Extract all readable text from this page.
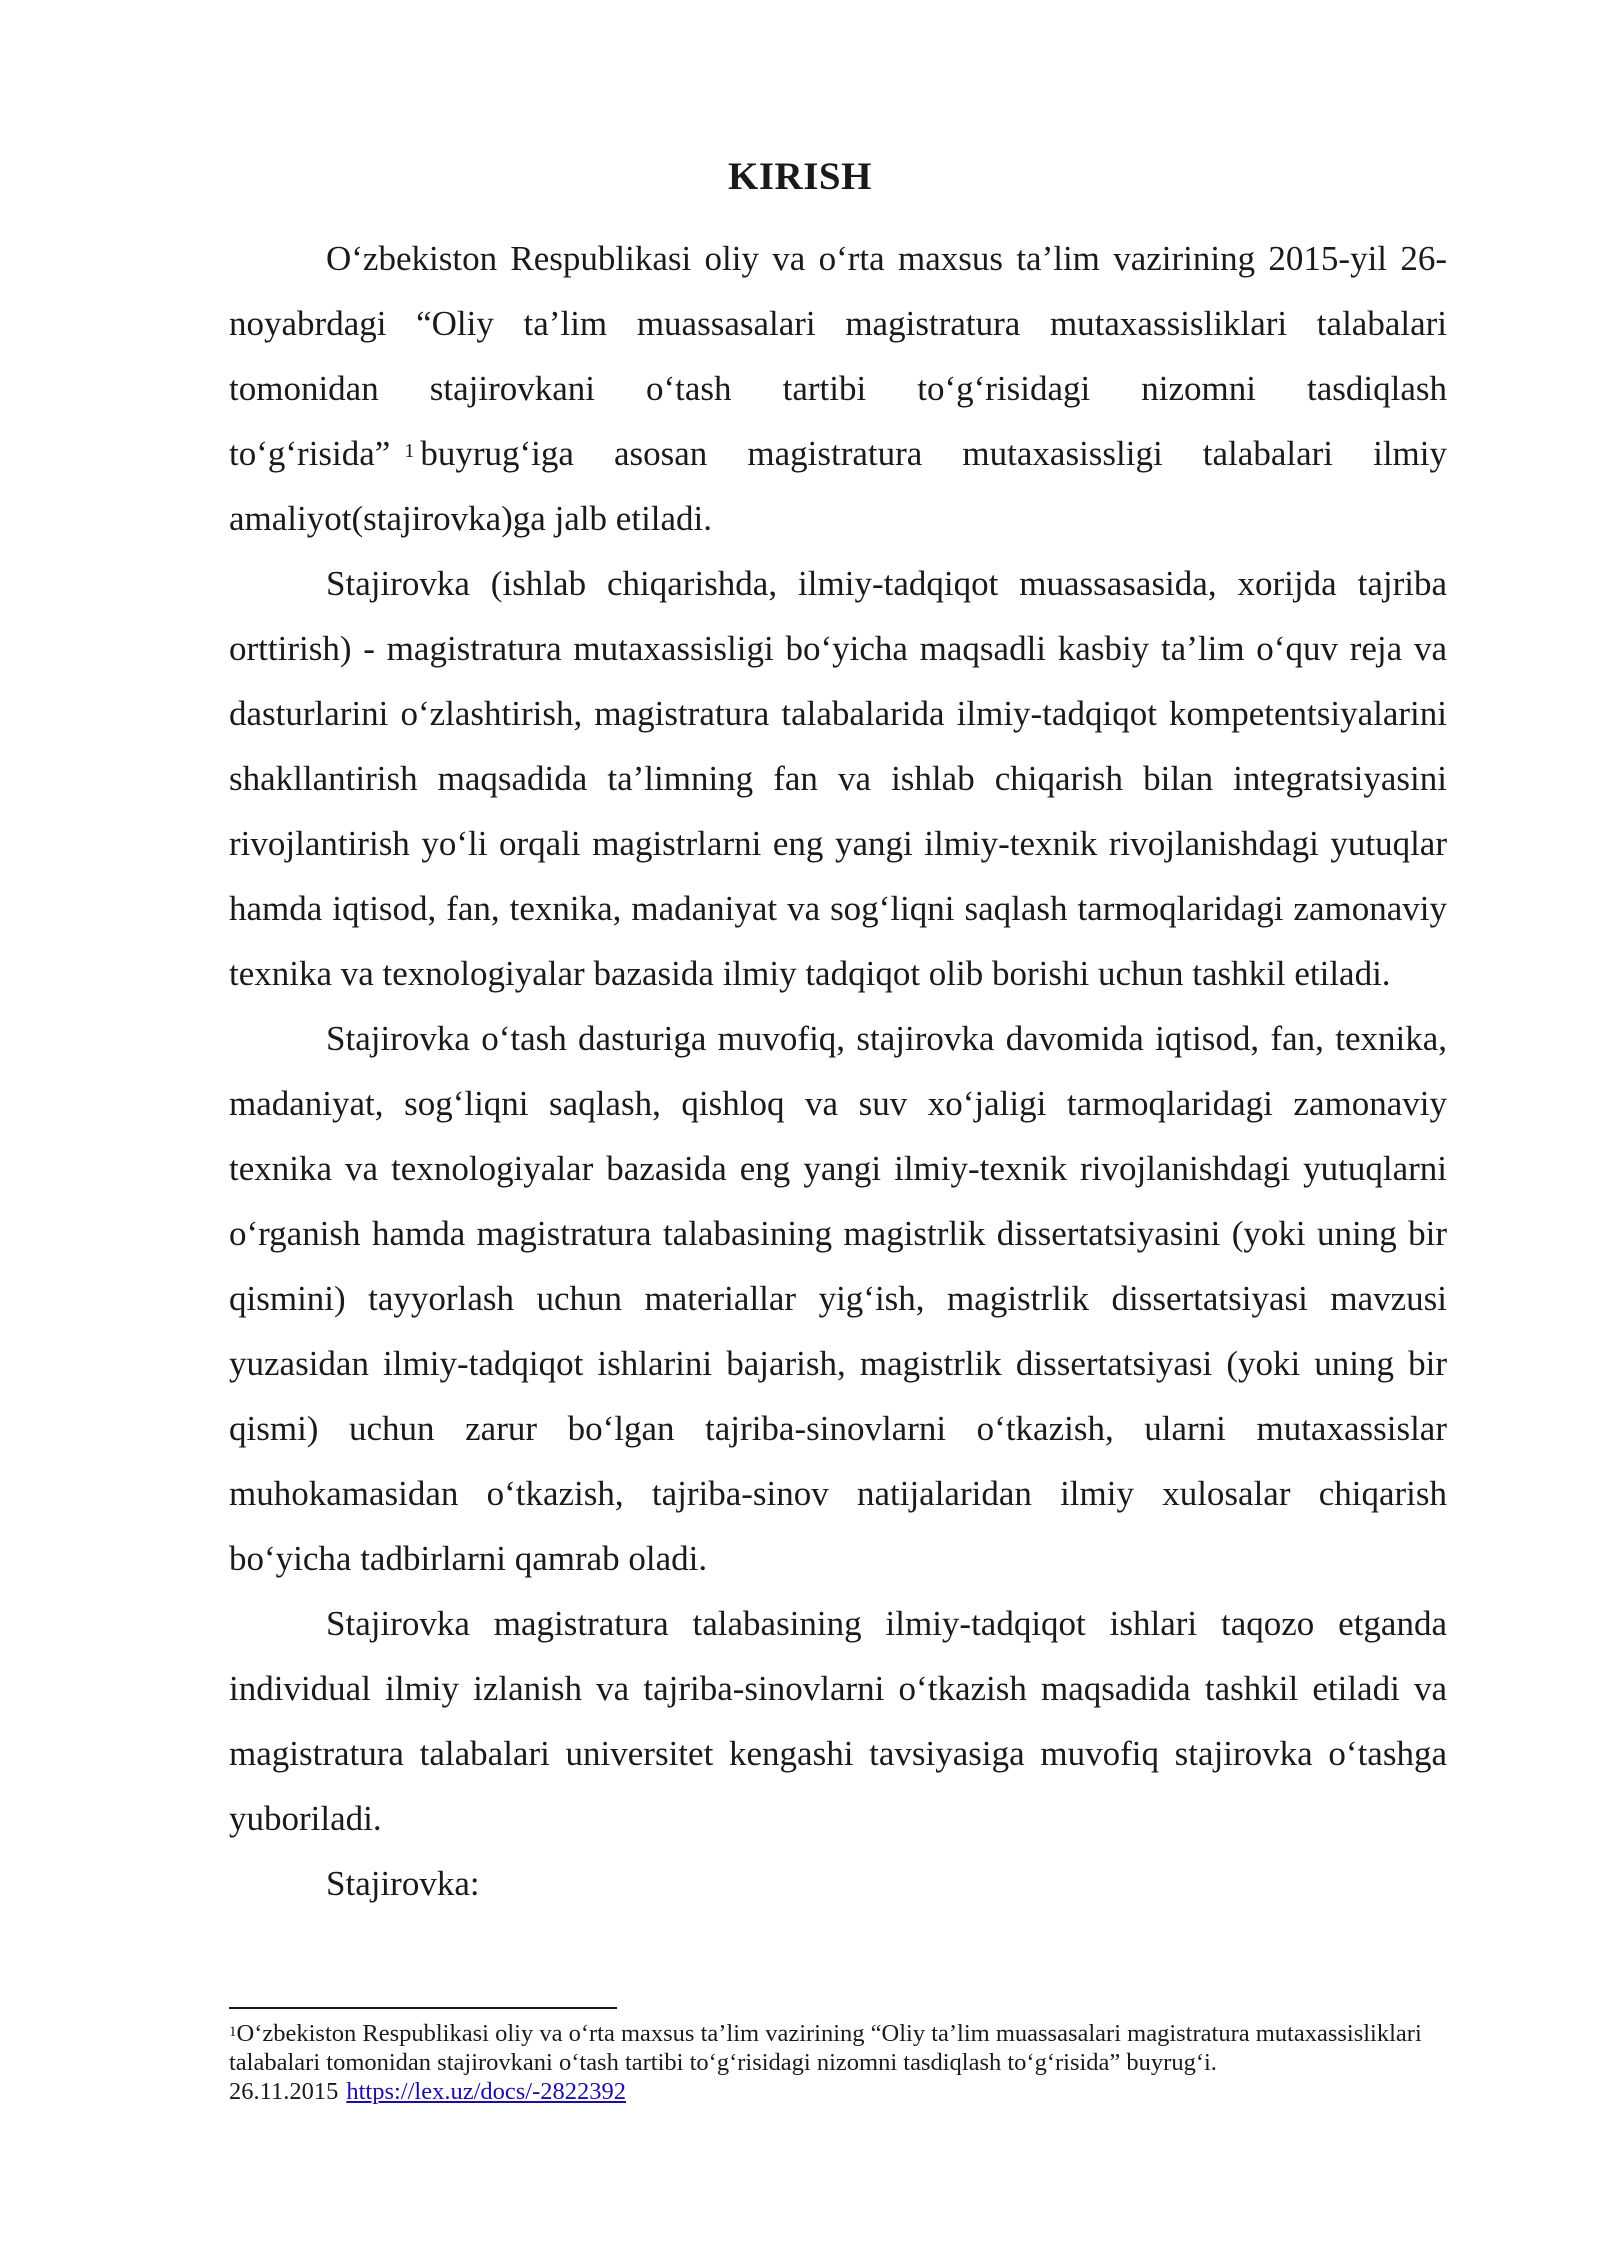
KIRISH

O‘zbekiston Respublikasi oliy va o‘rta maxsus ta’lim vazirining 2015-yil 26-noyabrdagi “Oliy ta’lim muassasalari magistratura mutaxassisliklari talabalari tomonidan stajirovkani o‘tash tartibi to‘g‘risidagi nizomni tasdiqlash to‘g‘risida” $^1$ buyrug‘iga asosan magistratura mutaxasissligi talabalari ilmiy amaliyot(stajirovka)ga jalb etiladi.

Stajirovka (ishlab chiqarishda, ilmiy-tadqiqot muassasasida, xorijda tajriba orttirish) - magistratura mutaxassisligi bo‘yicha maqsadli kasbiy ta’lim o‘quv reja va dasturlarini o‘zlashtirish, magistratura talabalarida ilmiy-tadqiqot kompetentsiyalarini shakllantirish maqsadida ta’limning fan va ishlab chiqarish bilan integratsiyasini rivojlantirish yo‘li orqali magistrlarni eng yangi ilmiy-texnik rivojlanishdagi yutuqlar hamda iqtisod, fan, texnika, madaniyat va sog‘liqni saqlash tarmoqlaridagi zamonaviy texnika va texnologiyalar bazasida ilmiy tadqiqot olib borishi uchun tashkil etiladi.

Stajirovka o‘tash dasturiga muvofiq, stajirovka davomida iqtisod, fan, texnika, madaniyat, sog‘liqni saqlash, qishloq va suv xo‘jaligi tarmoqlaridagi zamonaviy texnika va texnologiyalar bazasida eng yangi ilmiy-texnik rivojlanishdagi yutuqlarni o‘rganish hamda magistratura talabasining magistrlik dissertatsiyasini (yoki uning bir qismini) tayyorlash uchun materiallar yig‘ish, magistrlik dissertatsiyasi mavzusi yuzasidan ilmiy-tadqiqot ishlarini bajarish, magistrlik dissertatsiyasi (yoki uning bir qismi) uchun zarur bo‘lgan tajriba-sinovlarni o‘tkazish, ularni mutaxassislar muhokamasidan o‘tkazish, tajriba-sinov natijalaridan ilmiy xulosalar chiqarish bo‘yicha tadbirlarni qamrab oladi.

Stajirovka magistratura talabasining ilmiy-tadqiqot ishlari taqozo etganda individual ilmiy izlanish va tajriba-sinovlarni o‘tkazish maqsadida tashkil etiladi va magistratura talabalari universitet kengashi tavsiyasiga muvofiq stajirovka o‘tashga yuboriladi.

Stajirovka:

$^1$O‘zbekiston Respublikasi oliy va o‘rta maxsus ta’lim vazirining “Oliy ta’lim muassasalari magistratura mutaxassisliklari talabalari tomonidan stajirovkani o‘tash tartibi to‘g‘risidagi nizomni tasdiqlash to‘g‘risida” buyrug‘i. 26.11.2015 https://lex.uz/docs/-2822392
